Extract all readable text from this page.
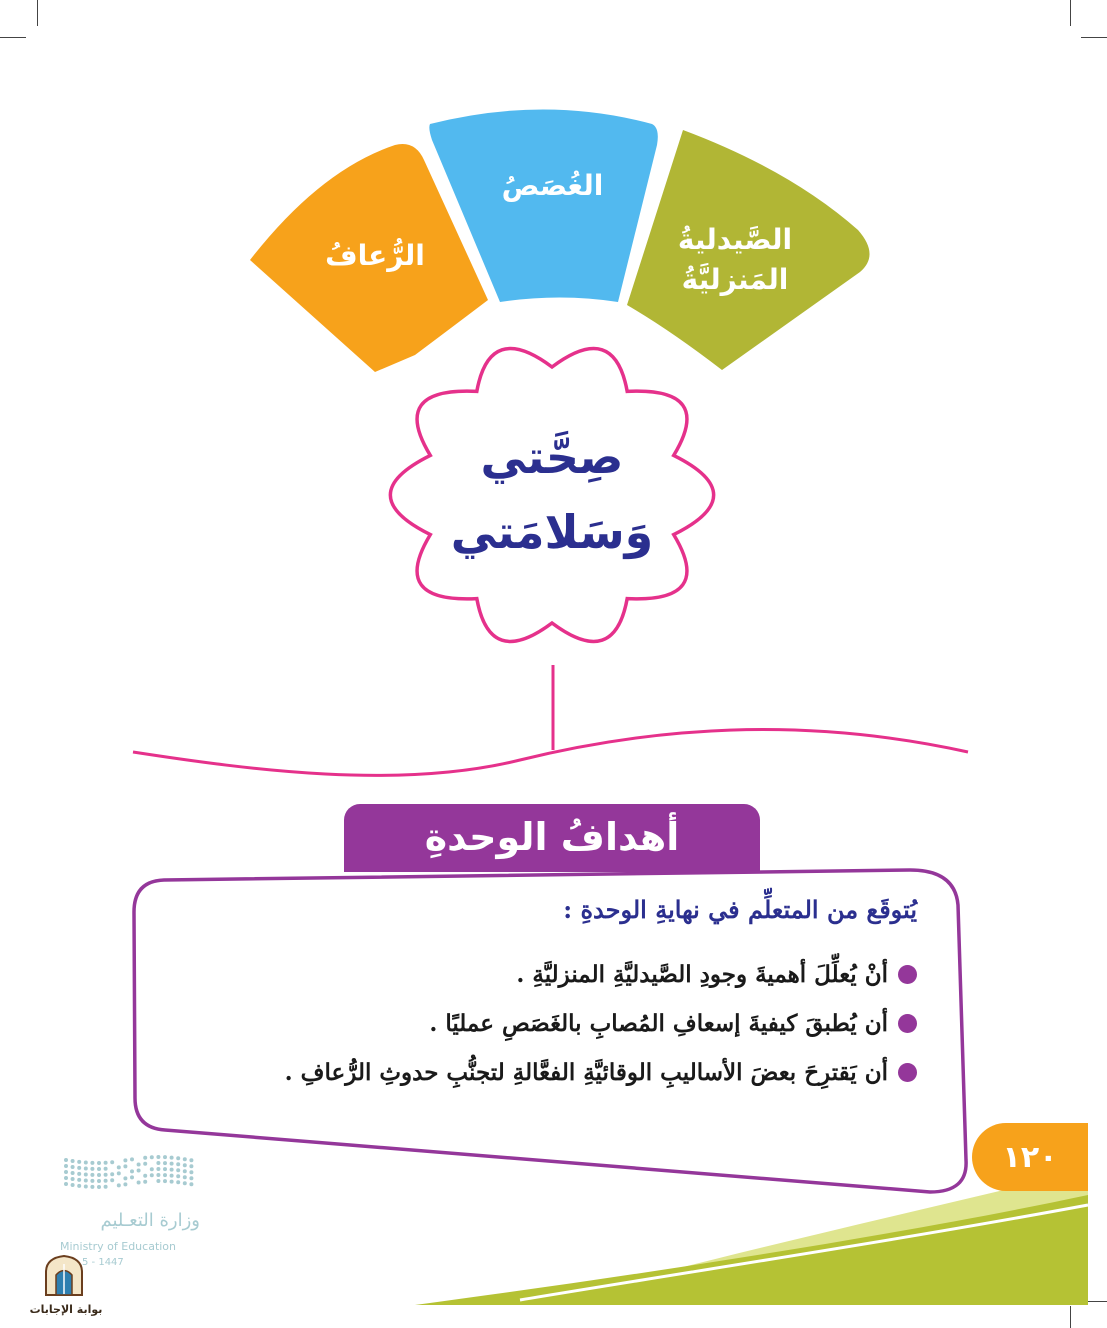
الرُّعافُ
الغُصَصُ
الصَّيدليةُ
المَنزليَّةُ
صِحَّتي
وَسَلامَتي
أهدافُ الوحدةِ
يُتوقَع من المتعلِّم في نهايةِ الوحدةِ :
أنْ يُعلِّلَ أهميةَ وجودِ الصَّيدليَّةِ المنزليَّةِ .
أن يُطبقَ كيفيةَ إسعافِ المُصابِ بالغَصَصِ عمليًا .
أن يَقترِحَ بعضَ الأساليبِ الوقائيَّةِ الفعَّالةِ لتجنُّبِ حدوثِ الرُّعافِ .
١٢٠
وزارة التعـليم
Ministry of Education
5 - 1447
بوابة الإجابات
